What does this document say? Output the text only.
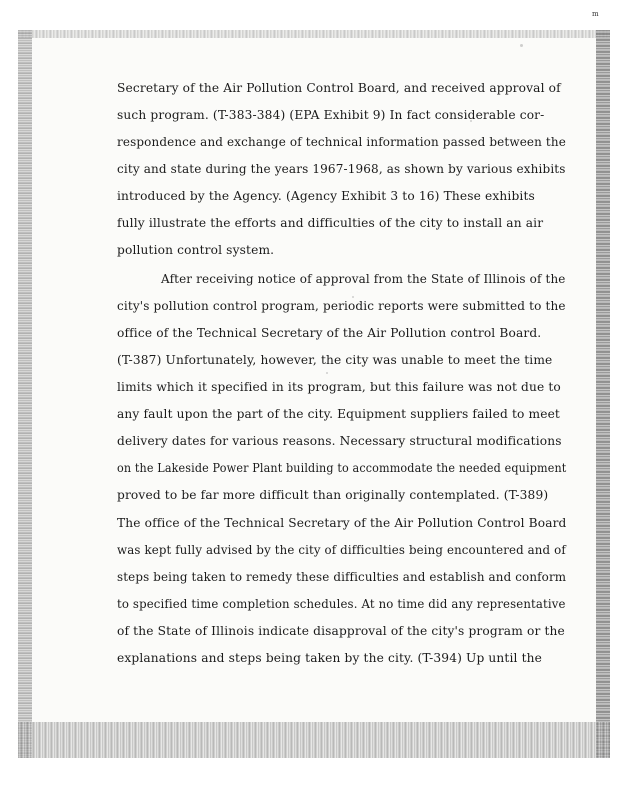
m
Secretary of the Air Pollution Control Board, and received approval of
such program. (T-383-384) (EPA Exhibit 9) In fact considerable cor-
respondence and exchange of technical information passed between the
city and state during the years 1967-1968, as shown by various exhibits
introduced by the Agency. (Agency Exhibit 3 to 16) These exhibits
fully illustrate the efforts and difficulties of the city to install an air
pollution control system.
After receiving notice of approval from the State of Illinois of the
city's pollution control program, periodic reports were submitted to the
office of the Technical Secretary of the Air Pollution control Board.
(T-387) Unfortunately, however, the city was unable to meet the time
limits which it specified in its program, but this failure was not due to
any fault upon the part of the city. Equipment suppliers failed to meet
delivery dates for various reasons. Necessary structural modifications
on the Lakeside Power Plant building to accommodate the needed equipment
proved to be far more difficult than originally contemplated. (T-389)
The office of the Technical Secretary of the Air Pollution Control Board
was kept fully advised by the city of difficulties being encountered and of
steps being taken to remedy these difficulties and establish and conform
to specified time completion schedules. At no time did any representative
of the State of Illinois indicate disapproval of the city's program or the
explanations and steps being taken by the city. (T-394) Up until the
